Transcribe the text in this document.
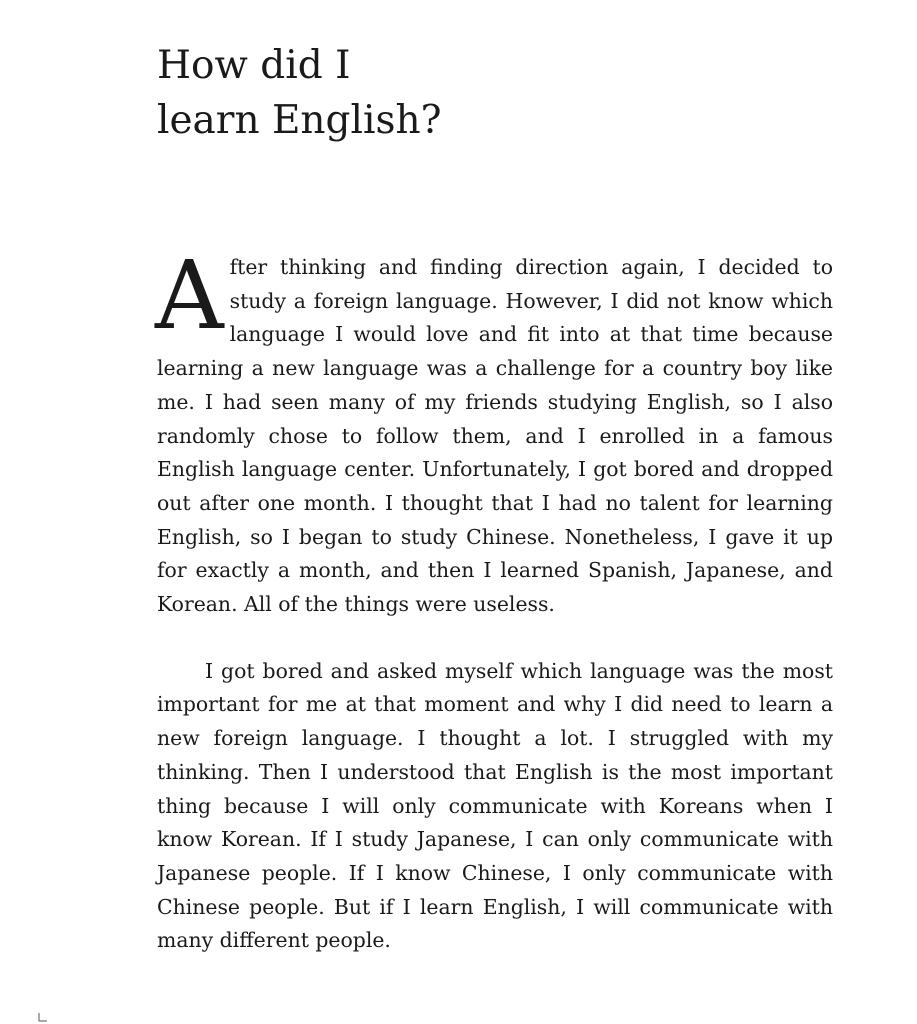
How did I
learn English?

After thinking and finding direction again, I decided to study a foreign language. However, I did not know which language I would love and fit into at that time because learning a new language was a challenge for a country boy like me. I had seen many of my friends studying English, so I also randomly chose to follow them, and I enrolled in a famous English language center. Unfortunately, I got bored and dropped out after one month. I thought that I had no talent for learning English, so I began to study Chinese. Nonetheless, I gave it up for exactly a month, and then I learned Spanish, Japanese, and Korean. All of the things were useless.

I got bored and asked myself which language was the most important for me at that moment and why I did need to learn a new foreign language. I thought a lot. I struggled with my thinking. Then I understood that English is the most important thing because I will only communicate with Koreans when I know Korean. If I study Japanese, I can only communicate with Japanese people. If I know Chinese, I only communicate with Chinese people. But if I learn English, I will communicate with many different people.
